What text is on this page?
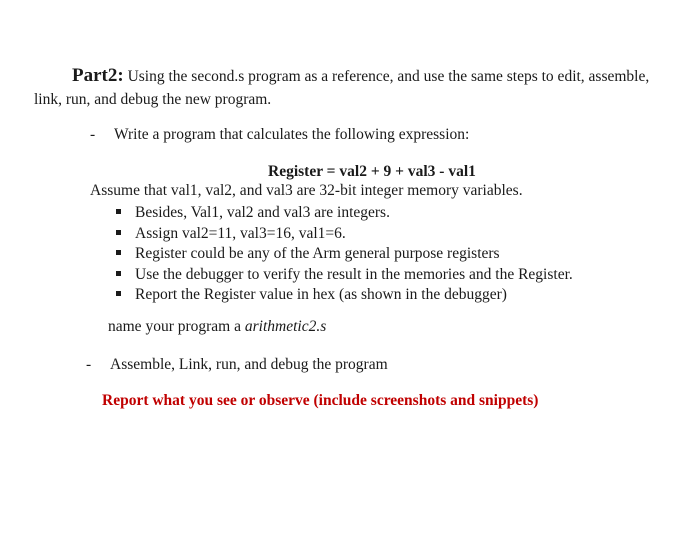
Part2: Using the second.s program as a reference, and use the same steps to edit, assemble, link, run, and debug the new program.
-	Write a program that calculates the following expression:
Register = val2 + 9 + val3 - val1
Assume that val1, val2, and val3 are 32-bit integer memory variables.
Besides, Val1, val2 and val3 are integers.
Assign val2=11, val3=16, val1=6.
Register could be any of the Arm general purpose registers
Use the debugger to verify the result in the memories and the Register.
Report the Register value in hex (as shown in the debugger)
name your program a arithmetic2.s
-	Assemble, Link, run, and debug the program
Report what you see or observe (include screenshots and snippets)
